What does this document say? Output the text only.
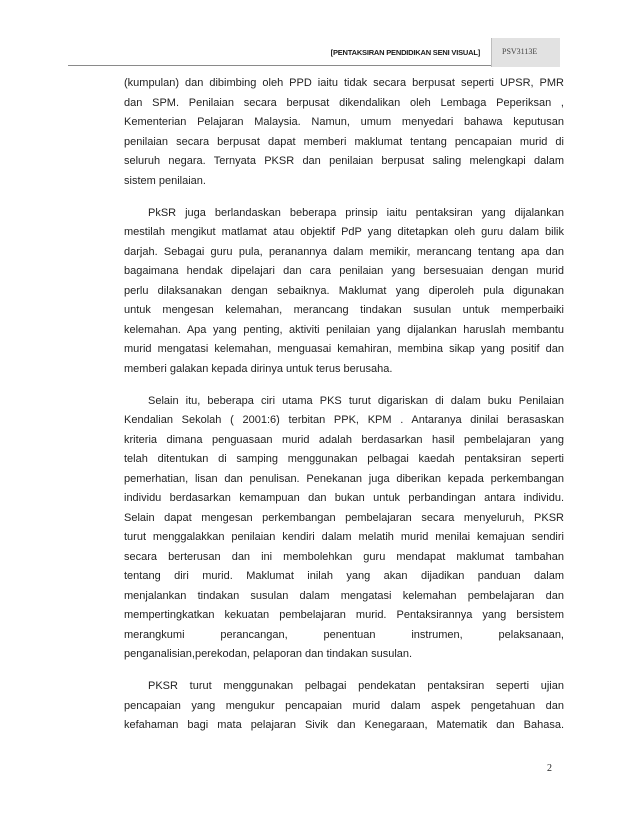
[PENTAKSIRAN PENDIDIKAN SENI VISUAL]	PSV3113E
(kumpulan) dan dibimbing oleh PPD iaitu tidak secara berpusat seperti UPSR, PMR
dan SPM. Penilaian secara berpusat dikendalikan oleh Lembaga Peperiksan ,
Kementerian Pelajaran Malaysia. Namun, umum menyedari bahawa keputusan
penilaian secara berpusat dapat memberi maklumat tentang pencapaian murid di
seluruh negara. Ternyata PKSR dan penilaian berpusat saling melengkapi dalam
sistem penilaian.
PkSR juga berlandaskan beberapa prinsip iaitu pentaksiran yang dijalankan
mestilah mengikut matlamat atau objektif PdP yang ditetapkan oleh guru dalam bilik
darjah. Sebagai guru pula, peranannya dalam memikir, merancang tentang apa dan
bagaimana hendak dipelajari dan cara penilaian yang bersesuaian dengan murid
perlu dilaksanakan dengan sebaiknya. Maklumat yang diperoleh pula digunakan
untuk mengesan kelemahan, merancang tindakan susulan untuk memperbaiki
kelemahan. Apa yang penting, aktiviti penilaian yang dijalankan haruslah membantu
murid mengatasi kelemahan, menguasai kemahiran, membina sikap yang positif dan
memberi galakan kepada dirinya untuk terus berusaha.
Selain itu, beberapa ciri utama PKS turut digariskan di dalam buku Penilaian
Kendalian Sekolah ( 2001:6) terbitan PPK, KPM . Antaranya dinilai berasaskan
kriteria dimana penguasaan murid adalah berdasarkan hasil pembelajaran yang
telah ditentukan di samping menggunakan pelbagai kaedah pentaksiran seperti
pemerhatian, lisan dan penulisan. Penekanan juga diberikan kepada perkembangan
individu berdasarkan kemampuan dan bukan untuk perbandingan antara individu.
Selain dapat mengesan perkembangan pembelajaran secara menyeluruh, PKSR
turut menggalakkan penilaian kendiri dalam melatih murid menilai kemajuan sendiri
secara berterusan dan ini membolehkan guru mendapat maklumat tambahan
tentang diri murid. Maklumat inilah yang akan dijadikan panduan dalam
menjalankan tindakan susulan dalam mengatasi kelemahan pembelajaran dan
mempertingkatkan kekuatan pembelajaran murid. Pentaksirannya yang bersistem
merangkumi perancangan, penentuan instrumen, pelaksanaan,
penganalisian,perekodan, pelaporan dan tindakan susulan.
PKSR turut menggunakan pelbagai pendekatan pentaksiran seperti ujian
pencapaian yang mengukur pencapaian murid dalam aspek pengetahuan dan
kefahaman bagi mata pelajaran Sivik dan Kenegaraan, Matematik dan Bahasa.
2
